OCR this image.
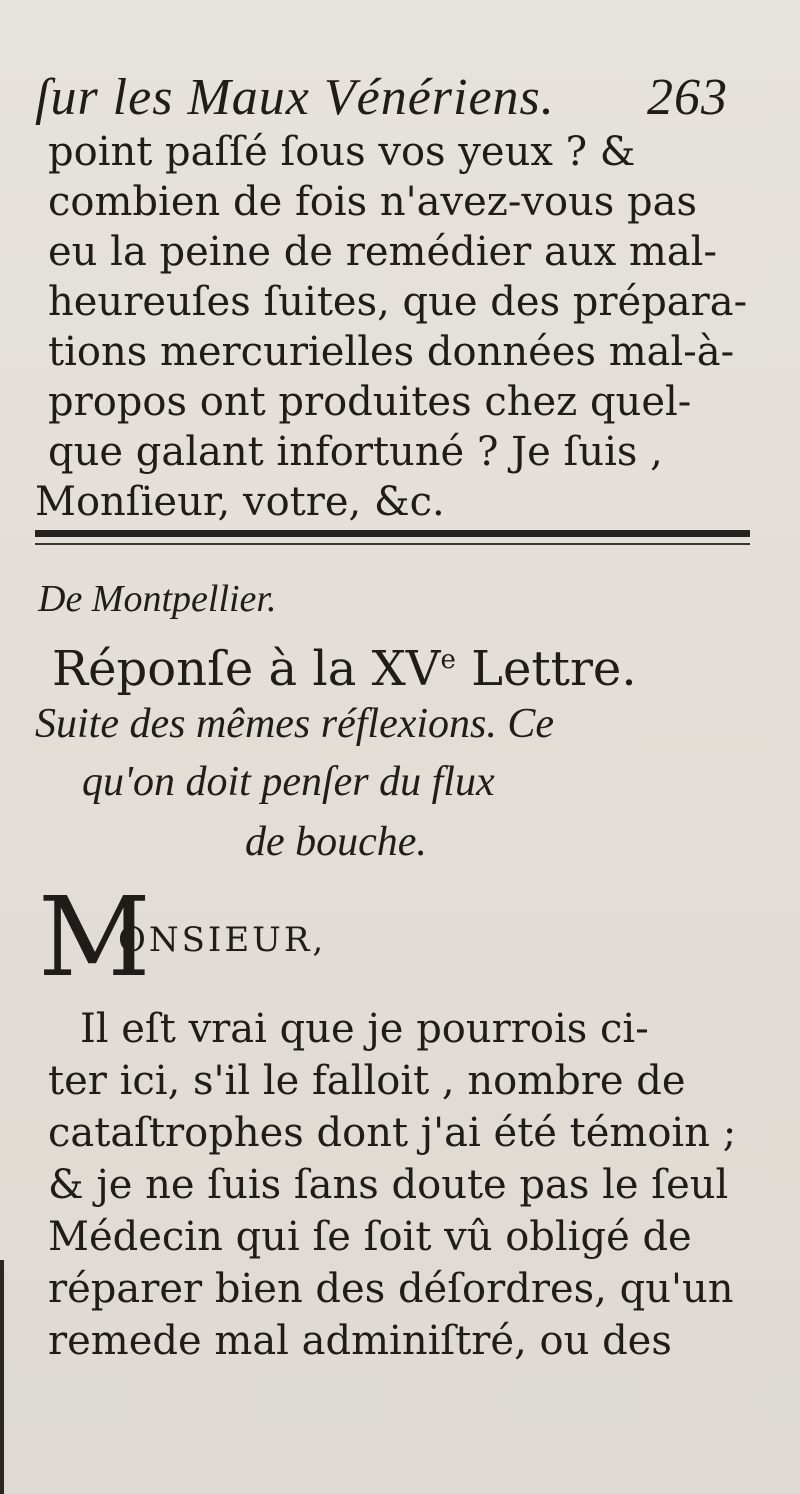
ſur les Maux Vénériens. 263
point paſſé ſous vos yeux ? &
combien de fois n'avez-vous pas
eu la peine de remédier aux mal-
heureuſes ſuites, que des prépara-
tions mercurielles données mal-à-
propos ont produites chez quel-
que galant infortuné ? Je ſuis ,
Monſieur, votre, &c.
De Montpellier.
Réponſe à la XVe Lettre.
Suite des mêmes réflexions. Ce
qu'on doit penſer du flux
de bouche.
M
ONSIEUR,
Il eſt vrai que je pourrois ci-
ter ici, s'il le falloit , nombre de
cataſtrophes dont j'ai été témoin ;
& je ne ſuis ſans doute pas le ſeul
Médecin qui ſe ſoit vû obligé de
réparer bien des déſordres, qu'un
remede mal adminiſtré, ou des
